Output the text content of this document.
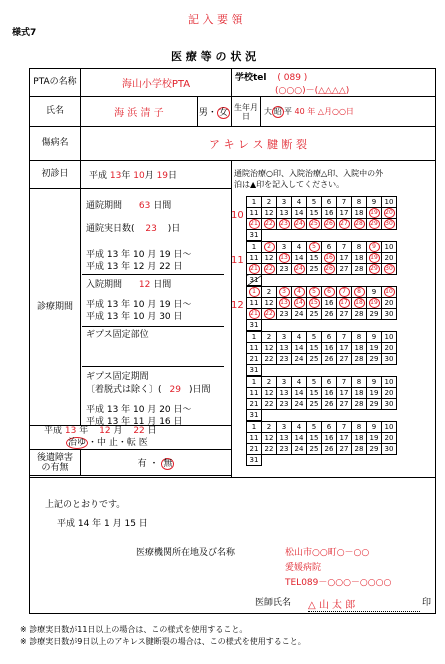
記 入 要 領
様式7
医 療 等 の 状 況
PTAの名称	海山小学校PTA		学校tel ( 089 )
(○○○)－(△△△△)	
氏名	海 浜 清 子	男・ 女	生年月日	大 昭 平 40 年 △月○○日
傷病名	ア キ レ ス 腱 断 裂			
初診日	平成 13年 10月 19日			
診療期間				
平成 13 年 12 月 22 日
治ゆ ・中 止・転 医				
後遺障害
の有無	有 ・ 無			

通院期間 63 日間
通院実日数( 23 )日
平成 13 年 10 月 19 日～
平成 13 年 12 月 22 日
入院期間 12 日間
平成 13 年 10 月 19 日～
平成 13 年 10 月 30 日
ギプス固定部位
ギプス固定期間
〔着脱式は除く〕( 29 )日間
平成 13 年 10 月 20 日～
平成 13 年 11 月 16 日
通院治療○印、入院治療△印、入院中の外
泊は▲印を記入してください。
1	2	3	4	5	6	7	8	9	10
11	12	13	14	15	16	17	18	19	20
21	22	23	24	25	26	27	28	29	30
31									
1	2	3	4	5	6	7	8	9	10
11	12	13	14	15	16	17	18	19	20
21	22	23	24	25	26	27	28	29	30
31									
1	2	3	4	5	6	7	8	9	10
11	12	13	14	15	16	17	18	19	20
21	22	23	24	25	26	27	28	29	30
31									
1	2	3	4	5	6	7	8	9	10
11	12	13	14	15	16	17	18	19	20
21	22	23	24	25	26	27	28	29	30
31									
1	2	3	4	5	6	7	8	9	10
11	12	13	14	15	16	17	18	19	20
21	22	23	24	25	26	27	28	29	30
31									
1	2	3	4	5	6	7	8	9	10
11	12	13	14	15	16	17	18	19	20
21	22	23	24	25	26	27	28	29	30
31									
10
11
12
上記のとおりです。
平成 14 年 1 月 15 日
医療機関所在地及び名称	松山市○○町○－○○
愛媛病院
TEL089－○○○－○○○○
医師氏名 △ 山 太 郎	印
※ 診療実日数が11日以上の場合は、この様式を使用すること。
※ 診療実日数が9日以上のアキレス腱断裂の場合は、この様式を使用すること。
